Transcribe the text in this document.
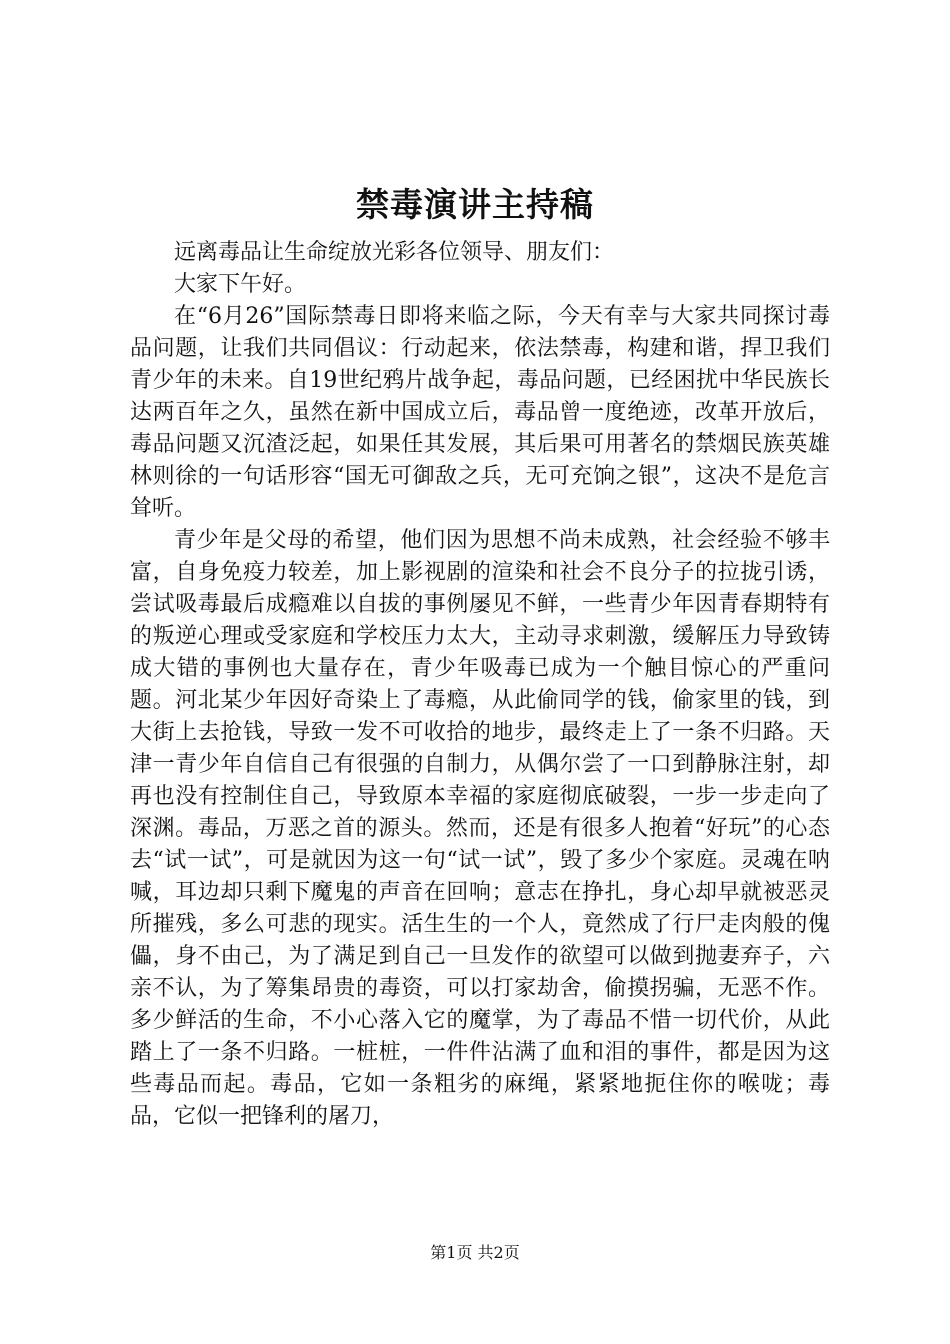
禁毒演讲主持稿

远离毒品让生命绽放光彩各位领导、朋友们：

大家下午好。

在“6月26”国际禁毒日即将来临之际，今天有幸与大家共同探讨毒品问题，让我们共同倡议：行动起来，依法禁毒，构建和谐，捍卫我们青少年的未来。自19世纪鸦片战争起，毒品问题，已经困扰中华民族长达两百年之久，虽然在新中国成立后，毒品曾一度绝迹，改革开放后，毒品问题又沉渣泛起，如果任其发展，其后果可用著名的禁烟民族英雄林则徐的一句话形容“国无可御敌之兵，无可充饷之银”，这决不是危言耸听。

青少年是父母的希望，他们因为思想不尚未成熟，社会经验不够丰富，自身免疫力较差，加上影视剧的渲染和社会不良分子的拉拢引诱，尝试吸毒最后成瘾难以自拔的事例屡见不鲜，一些青少年因青春期特有的叛逆心理或受家庭和学校压力太大，主动寻求刺激，缓解压力导致铸成大错的事例也大量存在，青少年吸毒已成为一个触目惊心的严重问题。河北某少年因好奇染上了毒瘾，从此偷同学的钱，偷家里的钱，到大街上去抢钱，导致一发不可收拾的地步，最终走上了一条不归路。天津一青少年自信自己有很强的自制力，从偶尔尝了一口到静脉注射，却再也没有控制住自己，导致原本幸福的家庭彻底破裂，一步一步走向了深渊。毒品，万恶之首的源头。然而，还是有很多人抱着“好玩”的心态去“试一试”，可是就因为这一句“试一试”，毁了多少个家庭。灵魂在呐喊，耳边却只剩下魔鬼的声音在回响；意志在挣扎，身心却早就被恶灵所摧残，多么可悲的现实。活生生的一个人，竟然成了行尸走肉般的傀儡，身不由己，为了满足到自己一旦发作的欲望可以做到抛妻弃子，六亲不认，为了筹集昂贵的毒资，可以打家劫舍，偷摸拐骗，无恶不作。多少鲜活的生命，不小心落入它的魔掌，为了毒品不惜一切代价，从此踏上了一条不归路。一桩桩，一件件沾满了血和泪的事件，都是因为这些毒品而起。毒品，它如一条粗劣的麻绳，紧紧地扼住你的喉咙；毒品，它似一把锋利的屠刀，

第1页 共2页
